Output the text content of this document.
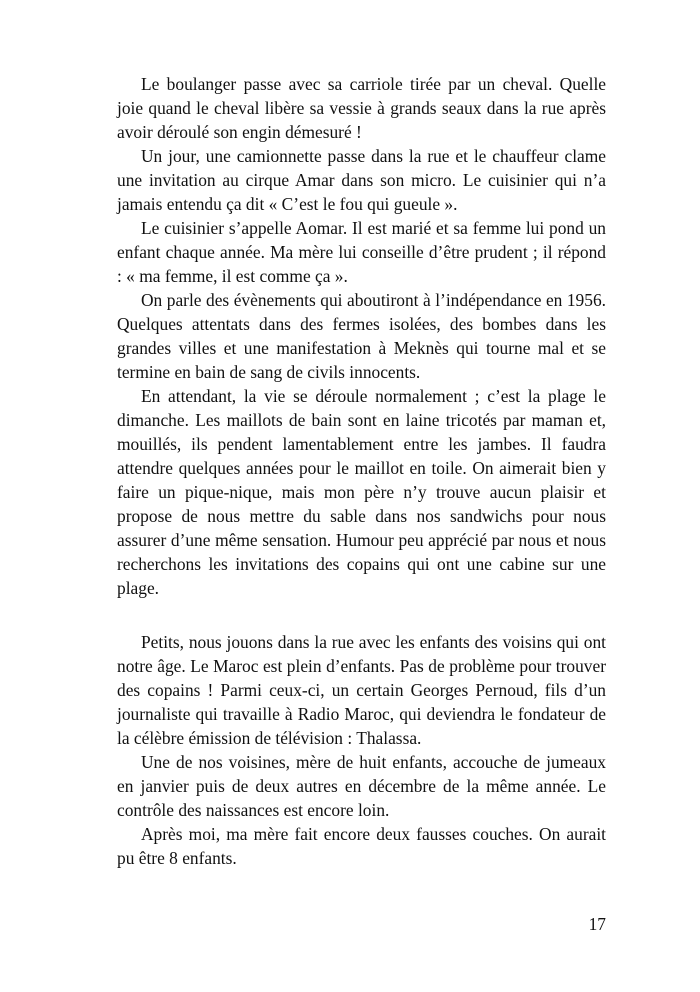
Le boulanger passe avec sa carriole tirée par un cheval. Quelle joie quand le cheval libère sa vessie à grands seaux dans la rue après avoir déroulé son engin démesuré !

Un jour, une camionnette passe dans la rue et le chauffeur clame une invitation au cirque Amar dans son micro. Le cuisinier qui n’a jamais entendu ça dit « C’est le fou qui gueule ».

Le cuisinier s’appelle Aomar. Il est marié et sa femme lui pond un enfant chaque année. Ma mère lui conseille d’être prudent ; il répond : « ma femme, il est comme ça ».

On parle des évènements qui aboutiront à l’indépendance en 1956. Quelques attentats dans des fermes isolées, des bombes dans les grandes villes et une manifestation à Meknès qui tourne mal et se termine en bain de sang de civils innocents.

En attendant, la vie se déroule normalement ; c’est la plage le dimanche. Les maillots de bain sont en laine tricotés par maman et, mouillés, ils pendent lamentablement entre les jambes. Il faudra attendre quelques années pour le maillot en toile. On aimerait bien y faire un pique-nique, mais mon père n’y trouve aucun plaisir et propose de nous mettre du sable dans nos sandwichs pour nous assurer d’une même sensation. Humour peu apprécié par nous et nous recherchons les invitations des copains qui ont une cabine sur une plage.

Petits, nous jouons dans la rue avec les enfants des voisins qui ont notre âge. Le Maroc est plein d’enfants. Pas de problème pour trouver des copains ! Parmi ceux-ci, un certain Georges Pernoud, fils d’un journaliste qui travaille à Radio Maroc, qui deviendra le fondateur de la célèbre émission de télévision : Thalassa.

Une de nos voisines, mère de huit enfants, accouche de jumeaux en janvier puis de deux autres en décembre de la même année. Le contrôle des naissances est encore loin.

Après moi, ma mère fait encore deux fausses couches. On aurait pu être 8 enfants.

17
